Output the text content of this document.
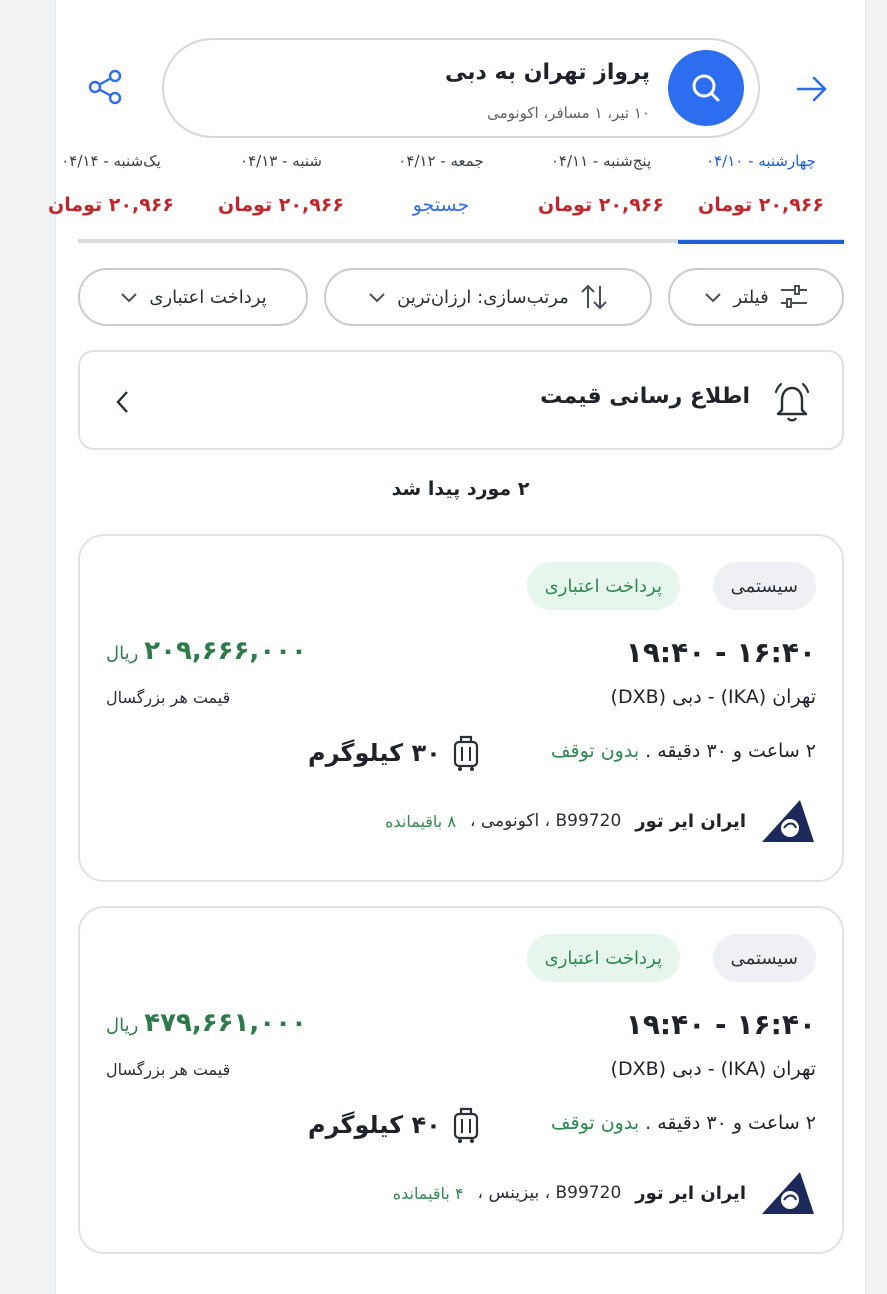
پرواز تهران به دبی
۱۰ تیر، ۱ مسافر، اکونومی
چهارشنبه - ۰۴/۱۰
۲۰,۹۶۶ تومان
پنج‌شنبه - ۰۴/۱۱
۲۰,۹۶۶ تومان
جمعه - ۰۴/۱۲
جستجو
شنبه - ۰۴/۱۳
۲۰,۹۶۶ تومان
یک‌شنبه - ۰۴/۱۴
۲۰,۹۶۶ تومان
فیلتر
مرتب‌سازی: ارزان‌ترین
پرداخت اعتباری
اطلاع رسانی قیمت
۲ مورد پیدا شد
سیستمی
پرداخت اعتباری
۱۶:۴۰ - ۱۹:۴۰
تهران (IKA) - دبی (DXB)
۲ ساعت و ۳۰ دقیقه . بدون توقف
۳۰ کیلوگرم
ایران ایر تور
B99720 ، اکونومی ،
۸ باقیمانده
۲۰۹,۶۶۶,۰۰۰
ریال
قیمت هر بزرگسال
سیستمی
پرداخت اعتباری
۱۶:۴۰ - ۱۹:۴۰
تهران (IKA) - دبی (DXB)
۲ ساعت و ۳۰ دقیقه . بدون توقف
۴۰ کیلوگرم
ایران ایر تور
B99720 ، بیزینس ،
۴ باقیمانده
۴۷۹,۶۶۱,۰۰۰
ریال
قیمت هر بزرگسال
